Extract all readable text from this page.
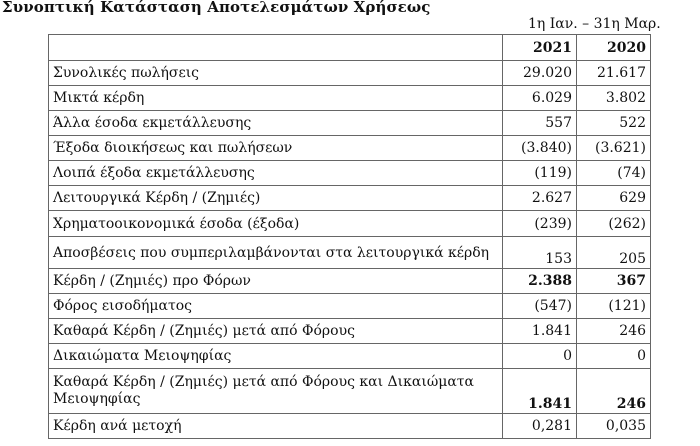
Συνοπτική Κατάσταση Αποτελεσμάτων Χρήσεως
1η Ιαν. – 31η Μαρ.
	2021	2020
Συνολικές πωλήσεις	29.020	21.617
Μικτά κέρδη	6.029	3.802
Άλλα έσοδα εκμετάλλευσης	557	522
Έξοδα διοικήσεως και πωλήσεων	(3.840)	(3.621)
Λοιπά έξοδα εκμετάλλευσης	(119)	(74)
Λειτουργικά Κέρδη / (Ζημιές)	2.627	629
Χρηματοοικονομικά έσοδα (έξοδα)	(239)	(262)
Αποσβέσεις που συμπεριλαμβάνονται στα λειτουργικά κέρδη	153	205
Κέρδη / (Ζημιές) προ Φόρων	2.388	367
Φόρος εισοδήματος	(547)	(121)
Καθαρά Κέρδη / (Ζημιές) μετά από Φόρους	1.841	246
Δικαιώματα Μειοψηφίας	0	0
Καθαρά Κέρδη / (Ζημιές) μετά από Φόρους και Δικαιώματα Μειοψηφίας	1.841	246
Κέρδη ανά μετοχή	0,281	0,035
